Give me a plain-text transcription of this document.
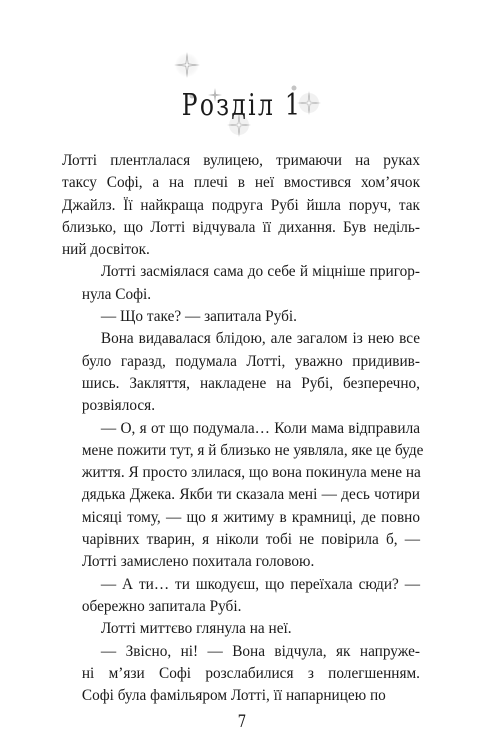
Розділ 1
Лотті плентлалася вулицею, тримаючи на руках
таксу Софі, а на плечі в неї вмостився хом’ячок
Джайлз. Її найкраща подруга Рубі йшла поруч, так
близько, що Лотті відчувала її дихання. Був неділь-
ний досвіток.
Лотті засміялася сама до себе й міцніше пригор-
нула Софі.
— Що таке? — запитала Рубі.
Вона видавалася блідою, але загалом із нею все
було гаразд, подумала Лотті, уважно придивив-
шись. Закляття, накладене на Рубі, безперечно,
розвіялося.
— О, я от що подумала… Коли мама відправила
мене пожити тут, я й близько не уявляла, яке це буде
життя. Я просто злилася, що вона покинула мене на
дядька Джека. Якби ти сказала мені — десь чотири
місяці тому, — що я житиму в крамниці, де повно
чарівних тварин, я ніколи тобі не повірила б, —
Лотті замислено похитала головою.
— А ти… ти шкодуєш, що переїхала сюди? —
обережно запитала Рубі.
Лотті миттєво глянула на неї.
— Звісно, ні! — Вона відчула, як напруже-
ні м’язи Софі розслабилися з полегшенням.
Софі була фамільяром Лотті, її напарницею по
7
